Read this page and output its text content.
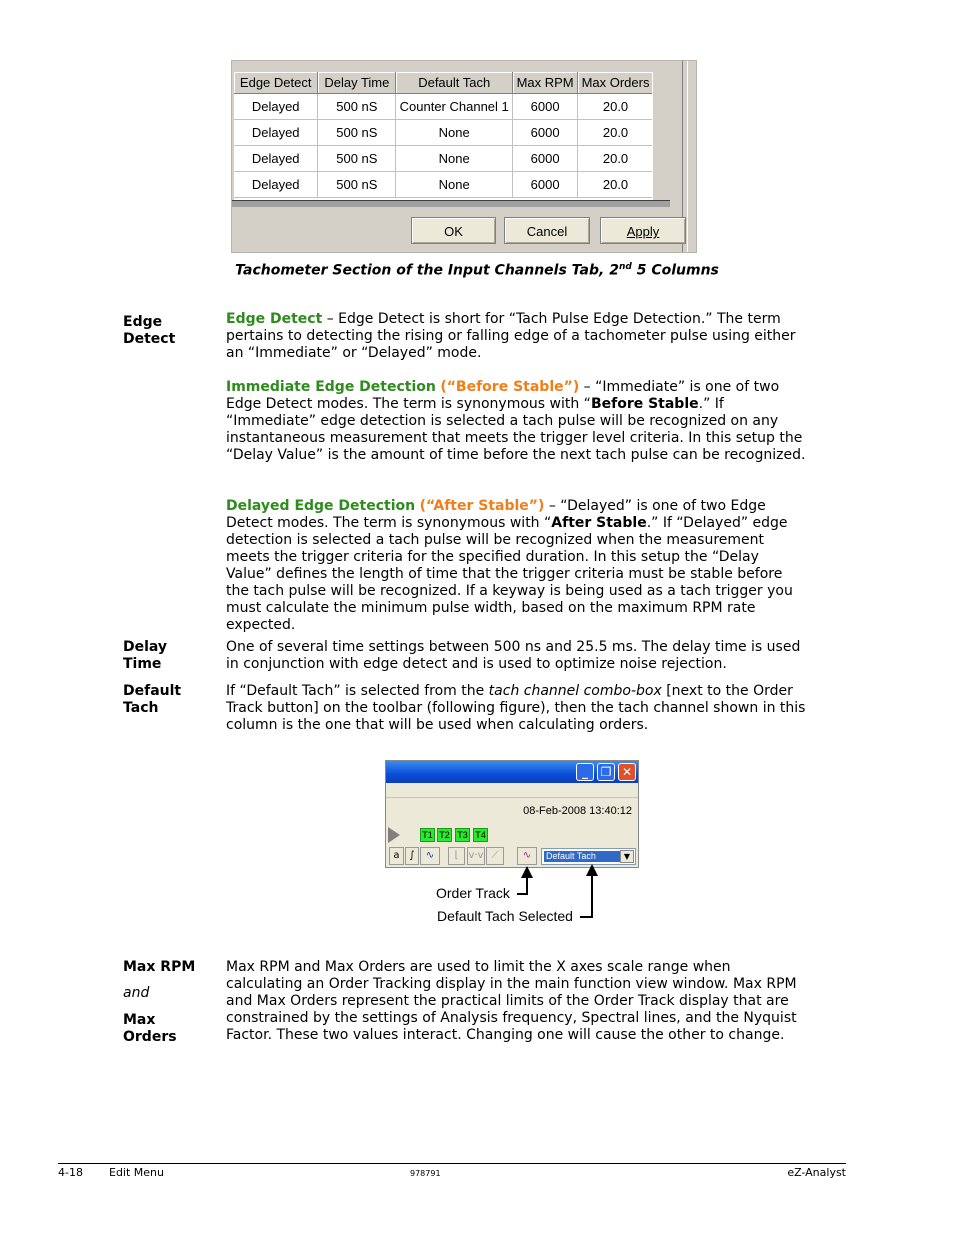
Edge Detect	Delay Time	Default Tach	Max RPM	Max Orders
Delayed	500 nS	Counter Channel 1	6000	20.0
Delayed	500 nS	None	6000	20.0
Delayed	500 nS	None	6000	20.0
Delayed	500 nS	None	6000	20.0
OK	Cancel	Apply
Tachometer Section of the Input Channels Tab, 2nd 5 Columns
Edge Detect
Edge Detect – Edge Detect is short for “Tach Pulse Edge Detection.” The term pertains to detecting the rising or falling edge of a tachometer pulse using either an “Immediate” or “Delayed” mode.
Immediate Edge Detection (“Before Stable”) – “Immediate” is one of two Edge Detect modes. The term is synonymous with “Before Stable.” If “Immediate” edge detection is selected a tach pulse will be recognized on any instantaneous measurement that meets the trigger level criteria. In this setup the “Delay Value” is the amount of time before the next tach pulse can be recognized.
Delayed Edge Detection (“After Stable”) – “Delayed” is one of two Edge Detect modes. The term is synonymous with “After Stable.” If “Delayed” edge detection is selected a tach pulse will be recognized when the measurement meets the trigger criteria for the specified duration. In this setup the “Delay Value” defines the length of time that the trigger criteria must be stable before the tach pulse will be recognized. If a keyway is being used as a tach trigger you must calculate the minimum pulse width, based on the maximum RPM rate expected.
Delay Time
One of several time settings between 500 ns and 25.5 ms. The delay time is used in conjunction with edge detect and is used to optimize noise rejection.
Default Tach
If “Default Tach” is selected from the tach channel combo-box [next to the Order Track button] on the toolbar (following figure), then the tach channel shown in this column is the one that will be used when calculating orders.
_	❐ ✕
08-Feb-2008 13:40:12
T1 T2 T3 T4
a ∫	∿	⌊	v·v ⟋	∿	Default Tach	▼
Order Track
Default Tach Selected
Max RPM
and
Max Orders
Max RPM and Max Orders are used to limit the X axes scale range when calculating an Order Tracking display in the main function view window. Max RPM and Max Orders represent the practical limits of the Order Track display that are constrained by the settings of Analysis frequency, Spectral lines, and the Nyquist Factor. These two values interact. Changing one will cause the other to change.
4-18 Edit Menu	978791	eZ-Analyst
